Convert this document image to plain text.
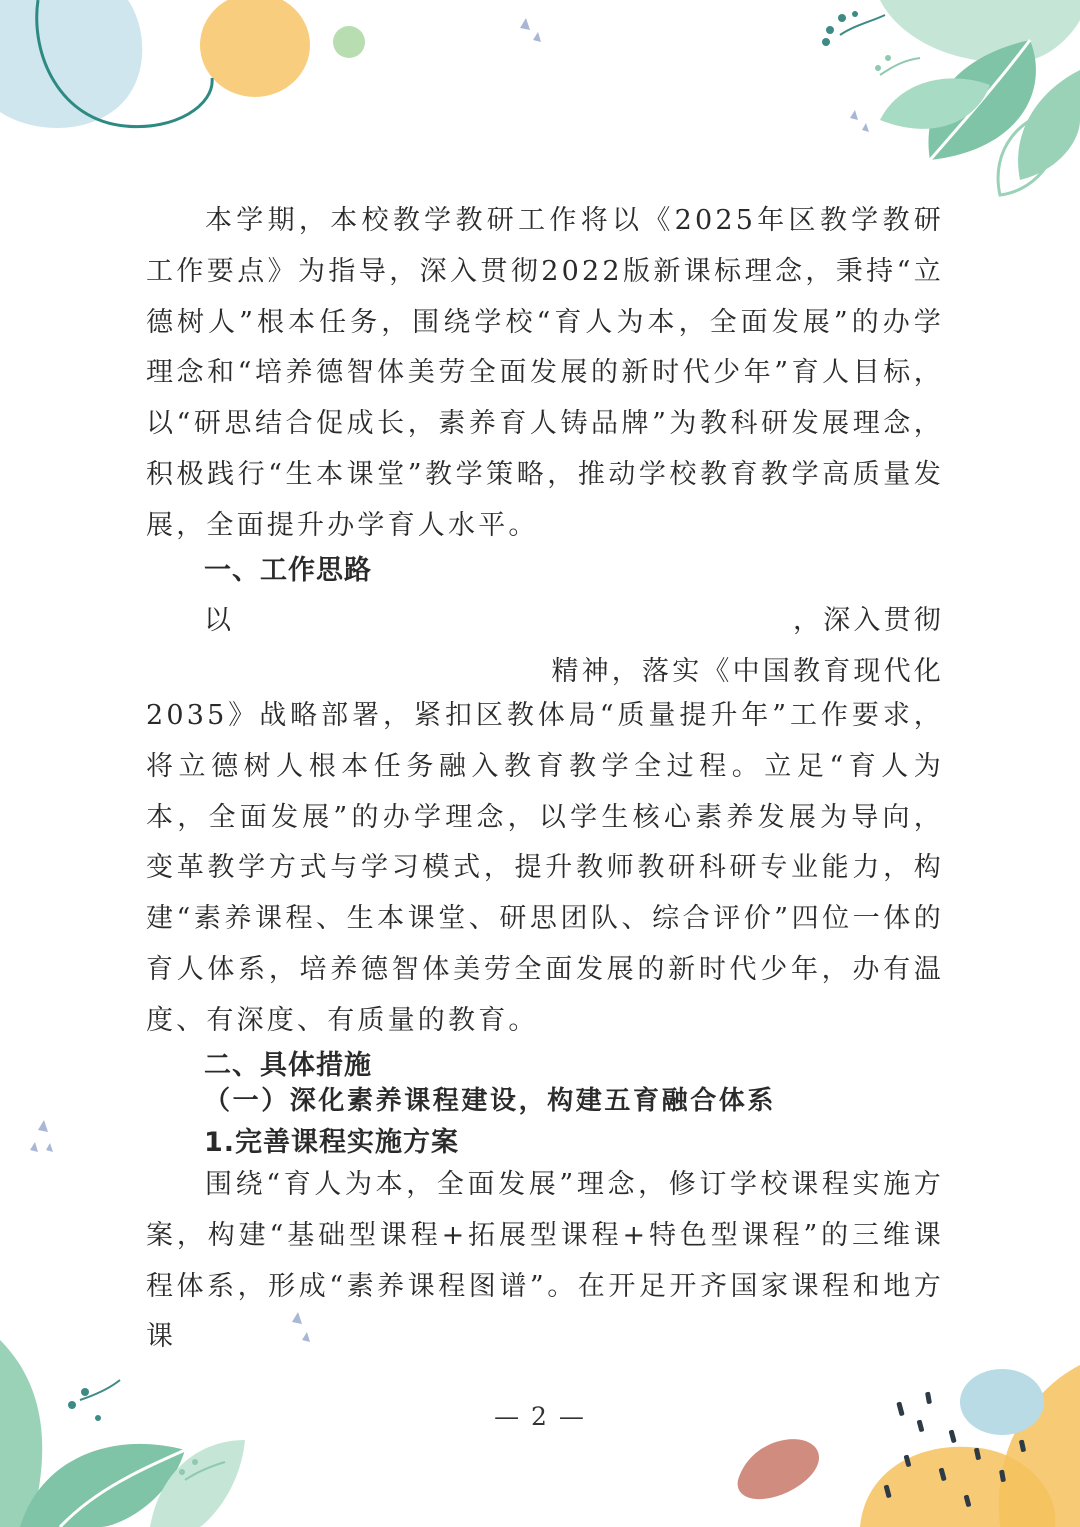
本学期，本校教学教研工作将以《2025年区教学教研工作要点》为指导，深入贯彻2022版新课标理念，秉持“立德树人”根本任务，围绕学校“育人为本，全面发展”的办学理念和“培养德智体美劳全面发展的新时代少年”育人目标，以“研思结合促成长，素养育人铸品牌”为教科研发展理念，积极践行“生本课堂”教学策略，推动学校教育教学高质量发展，全面提升办学育人水平。

一、工作思路
以	，深入贯彻
精神，落实《中国教育现代化

2035》战略部署，紧扣区教体局“质量提升年”工作要求，将立德树人根本任务融入教育教学全过程。立足“育人为本，全面发展”的办学理念，以学生核心素养发展为导向，变革教学方式与学习模式，提升教师教研科研专业能力，构建“素养课程、生本课堂、研思团队、综合评价”四位一体的育人体系，培养德智体美劳全面发展的新时代少年，办有温度、有深度、有质量的教育。

二、具体措施
（一）深化素养课程建设，构建五育融合体系
1.完善课程实施方案

围绕“育人为本，全面发展”理念，修订学校课程实施方案，构建“基础型课程+拓展型课程+特色型课程”的三维课程体系，形成“素养课程图谱”。在开足开齐国家课程和地方课

— 2 —
